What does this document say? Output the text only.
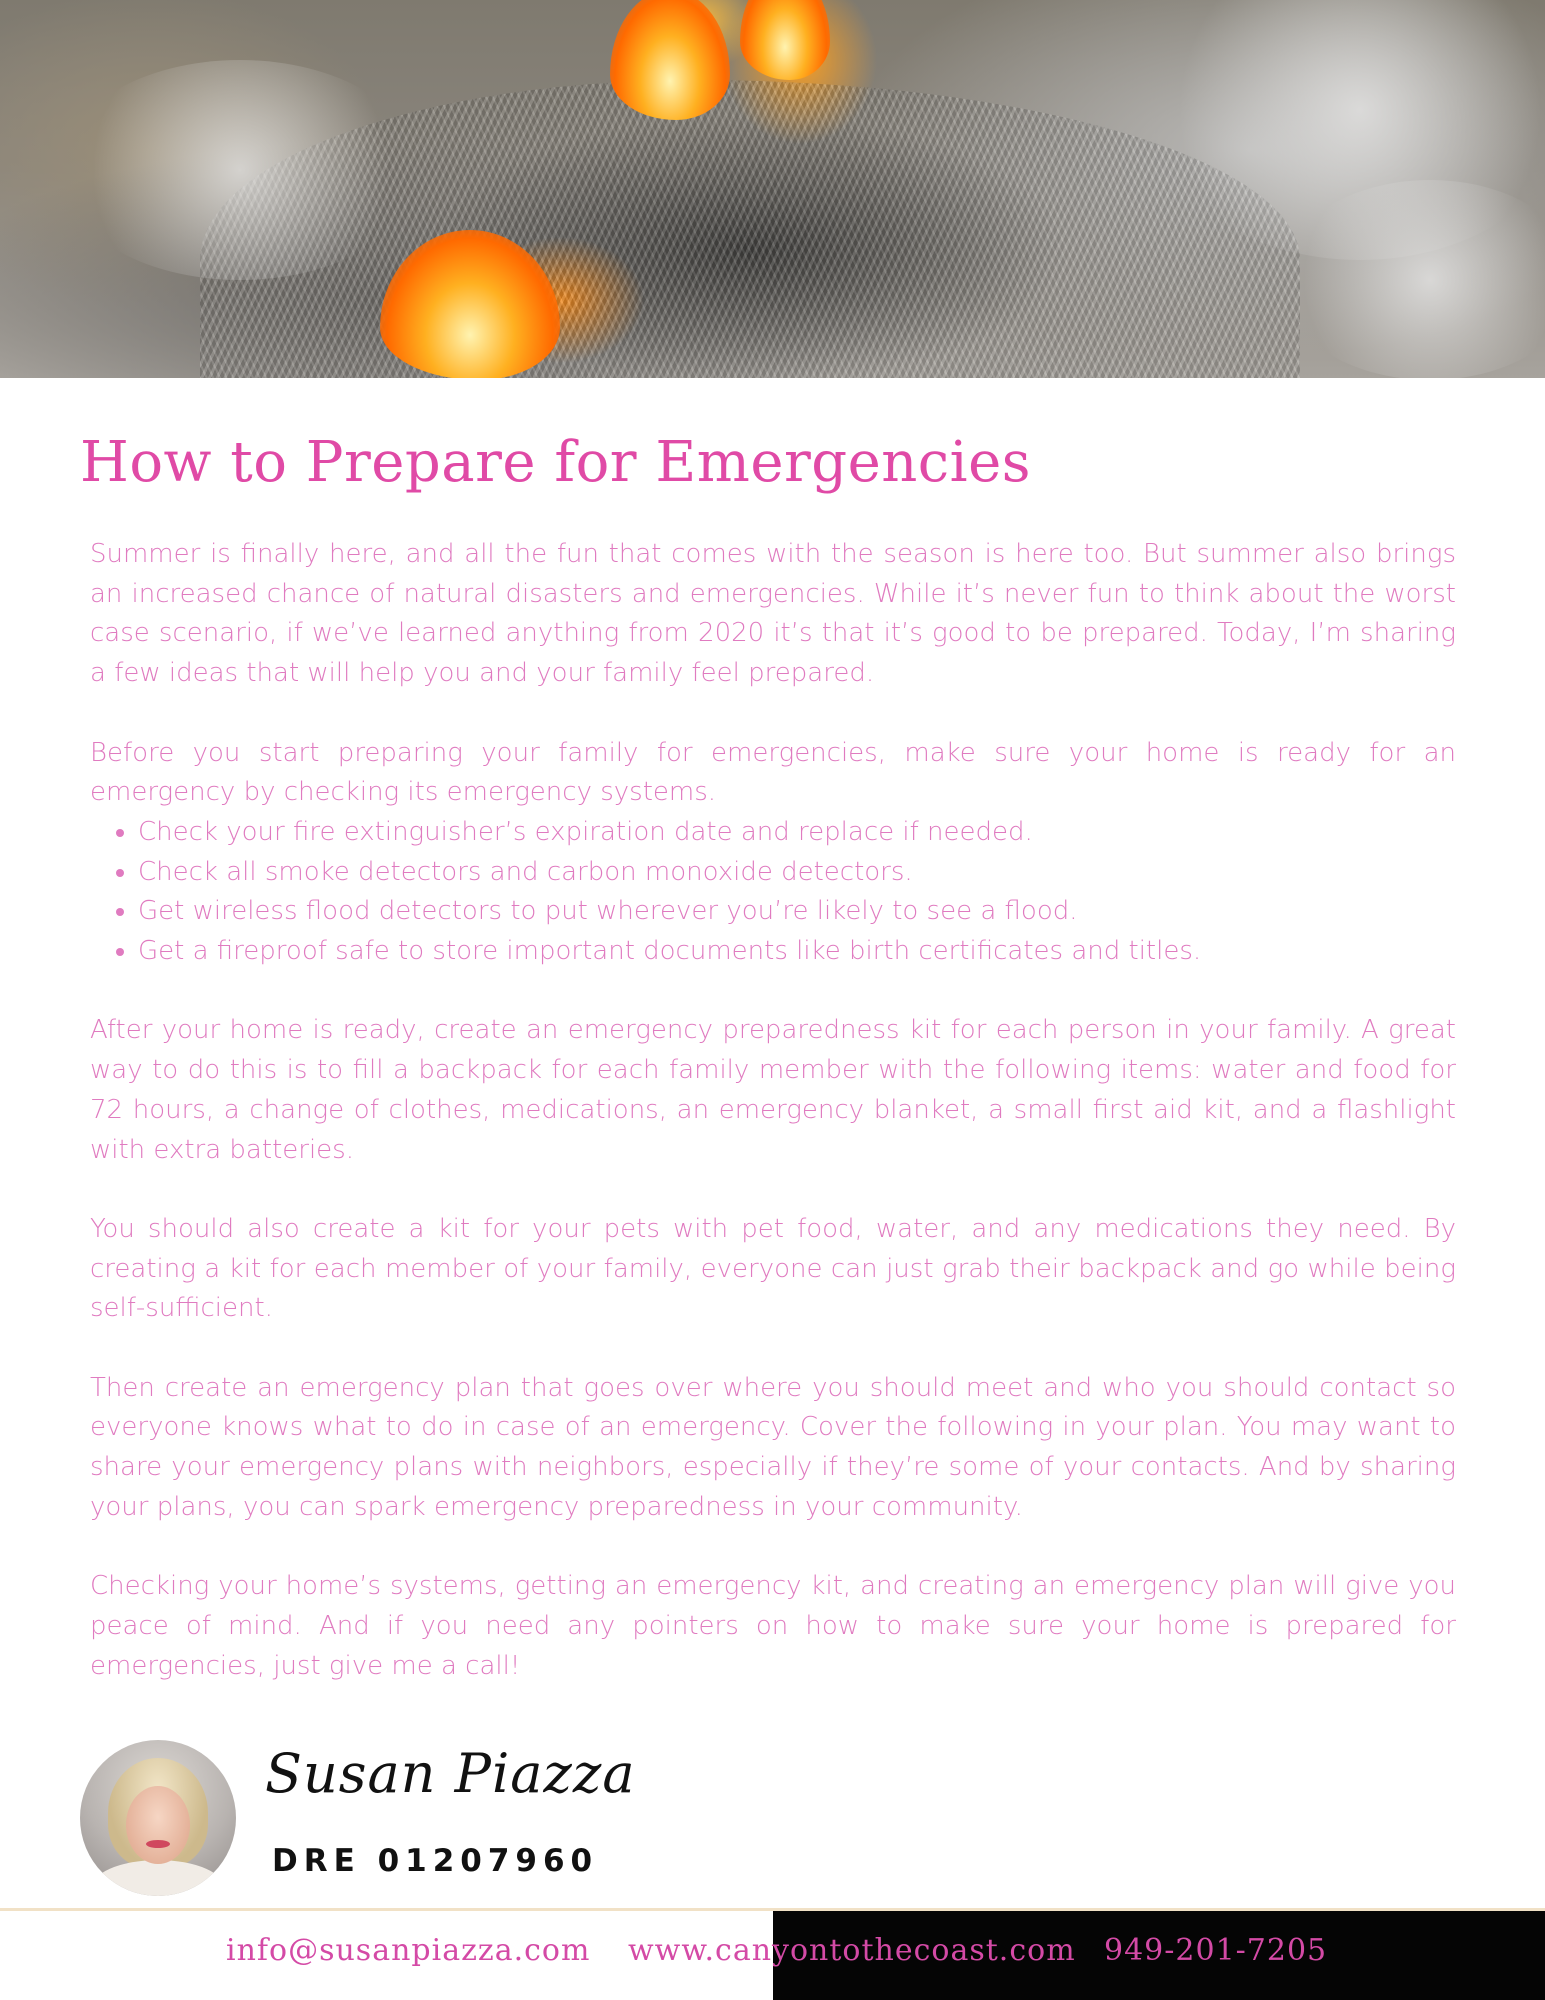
How to Prepare for Emergencies

Summer is finally here, and all the fun that comes with the season is here too. But summer also brings an increased chance of natural disasters and emergencies. While it’s never fun to think about the worst case scenario, if we’ve learned anything from 2020 it’s that it’s good to be prepared. Today, I’m sharing a few ideas that will help you and your family feel prepared.

Before you start preparing your family for emergencies, make sure your home is ready for an emergency by checking its emergency systems.

• Check your fire extinguisher’s expiration date and replace if needed.
• Check all smoke detectors and carbon monoxide detectors.
• Get wireless flood detectors to put wherever you’re likely to see a flood.
• Get a fireproof safe to store important documents like birth certificates and titles.

After your home is ready, create an emergency preparedness kit for each person in your family. A great way to do this is to fill a backpack for each family member with the following items: water and food for 72 hours, a change of clothes, medications, an emergency blanket, a small first aid kit, and a flashlight with extra batteries.

You should also create a kit for your pets with pet food, water, and any medications they need. By creating a kit for each member of your family, everyone can just grab their backpack and go while being self-sufficient.

Then create an emergency plan that goes over where you should meet and who you should contact so everyone knows what to do in case of an emergency. Cover the following in your plan. You may want to share your emergency plans with neighbors, especially if they’re some of your contacts. And by sharing your plans, you can spark emergency preparedness in your community.

Checking your home’s systems, getting an emergency kit, and creating an emergency plan will give you peace of mind. And if you need any pointers on how to make sure your home is prepared for emergencies, just give me a call!

Susan Piazza
DRE 01207960
info@susanpiazza.com www.canyontothecoast.com 949-201-7205
